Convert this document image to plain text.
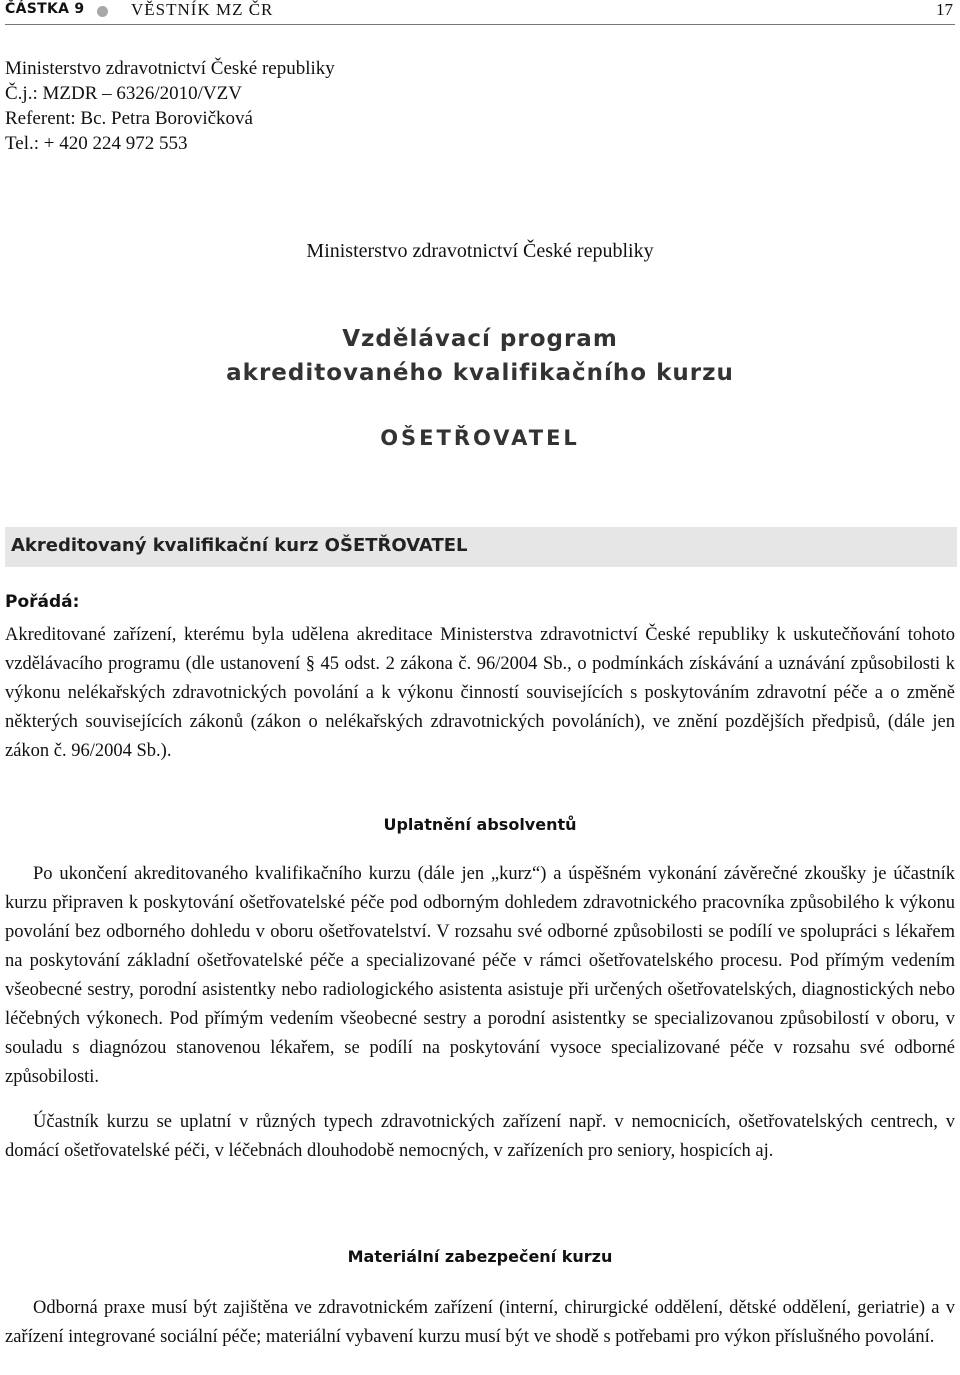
ČÁSTKA 9	VĚSTNÍK MZ ČR	17
Ministerstvo zdravotnictví České republiky
Č.j.: MZDR – 6326/2010/VZV
Referent: Bc. Petra Borovičková
Tel.: + 420 224 972 553
Ministerstvo zdravotnictví České republiky
Vzdělávací program
akreditovaného kvalifikačního kurzu
OŠETŘOVATEL
Akreditovaný kvalifikační kurz OŠETŘOVATEL
Pořádá:
Akreditované zařízení, kterému byla udělena akreditace Ministerstva zdravotnictví České republiky k uskutečňování tohoto vzdělávacího programu (dle ustanovení § 45 odst. 2 zákona č. 96/2004 Sb., o podmínkách získávání a uznávání způsobilosti k výkonu nelékařských zdravotnických povolání a k výkonu činností souvisejících s poskytováním zdravotní péče a o změně některých souvisejících zákonů (zákon o nelékařských zdravotnických povoláních), ve znění pozdějších předpisů, (dále jen zákon č. 96/2004 Sb.).
Uplatnění absolventů
Po ukončení akreditovaného kvalifikačního kurzu (dále jen „kurz“) a úspěšném vykonání závěrečné zkoušky je účastník kurzu připraven k poskytování ošetřovatelské péče pod odborným dohledem zdravotnického pracovníka způsobilého k výkonu povolání bez odborného dohledu v oboru ošetřovatelství. V rozsahu své odborné způsobilosti se podílí ve spolupráci s lékařem na poskytování základní ošetřovatelské péče a specializované péče v rámci ošetřovatelského procesu. Pod přímým vedením všeobecné sestry, porodní asistentky nebo radiologického asistenta asistuje při určených ošetřovatelských, diagnostických nebo léčebných výkonech. Pod přímým vedením všeobecné sestry a porodní asistentky se specializovanou způsobilostí v oboru, v souladu s diagnózou stanovenou lékařem, se podílí na poskytování vysoce specializované péče v rozsahu své odborné způsobilosti.
Účastník kurzu se uplatní v různých typech zdravotnických zařízení např. v nemocnicích, ošetřovatelských centrech, v domácí ošetřovatelské péči, v léčebnách dlouhodobě nemocných, v zařízeních pro seniory, hospicích aj.
Materiální zabezpečení kurzu
Odborná praxe musí být zajištěna ve zdravotnickém zařízení (interní, chirurgické oddělení, dětské oddělení, geriatrie) a v zařízení integrované sociální péče; materiální vybavení kurzu musí být ve shodě s potřebami pro výkon příslušného povolání.
